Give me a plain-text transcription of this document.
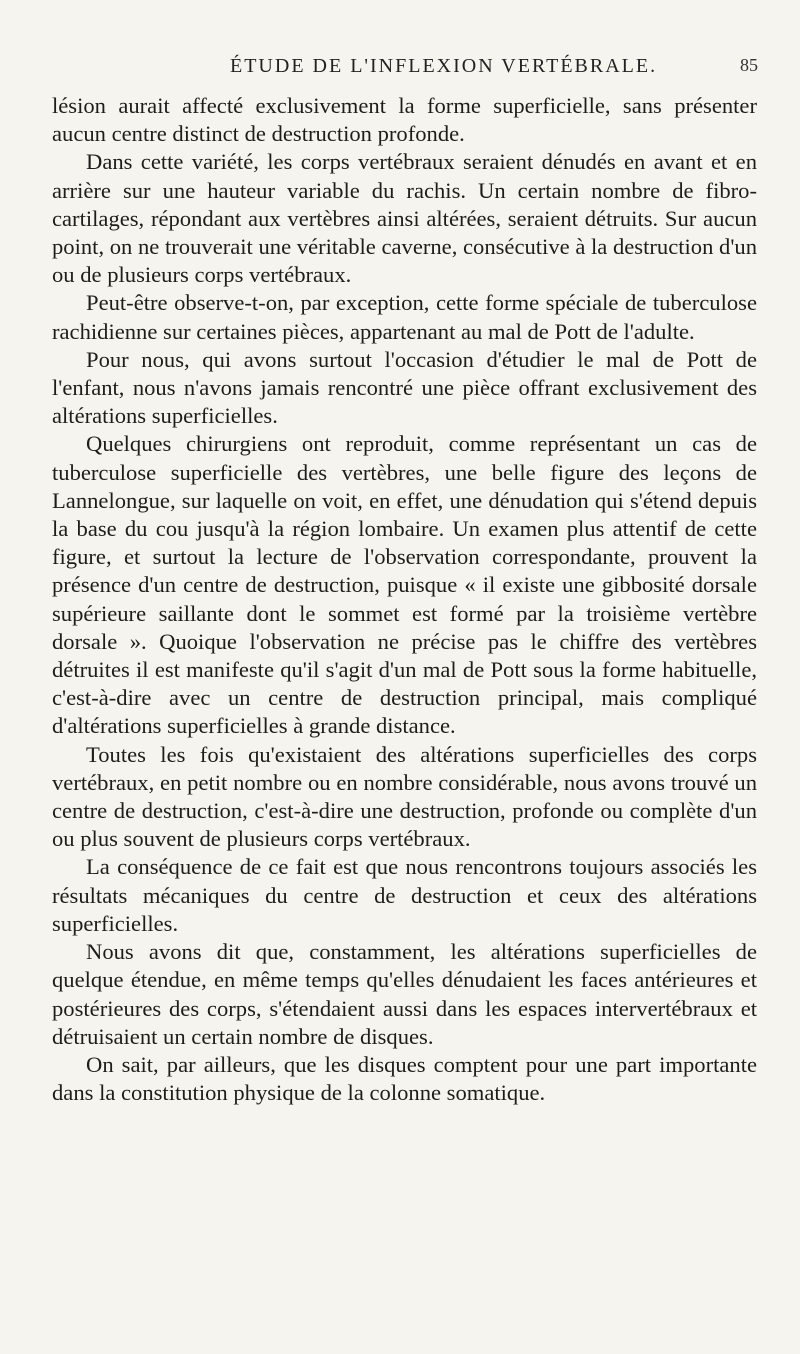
ÉTUDE DE L'INFLEXION VERTÉBRALE.	85

lésion aurait affecté exclusivement la forme superficielle, sans présenter aucun centre distinct de destruction profonde.

Dans cette variété, les corps vertébraux seraient dénudés en avant et en arrière sur une hauteur variable du rachis. Un certain nombre de fibro-cartilages, répondant aux vertèbres ainsi altérées, seraient détruits. Sur aucun point, on ne trouverait une véritable caverne, consécutive à la destruction d'un ou de plusieurs corps vertébraux.

Peut-être observe-t-on, par exception, cette forme spéciale de tuberculose rachidienne sur certaines pièces, appartenant au mal de Pott de l'adulte.

Pour nous, qui avons surtout l'occasion d'étudier le mal de Pott de l'enfant, nous n'avons jamais rencontré une pièce offrant exclusivement des altérations superficielles.

Quelques chirurgiens ont reproduit, comme représentant un cas de tuberculose superficielle des vertèbres, une belle figure des leçons de Lannelongue, sur laquelle on voit, en effet, une dénudation qui s'étend depuis la base du cou jusqu'à la région lombaire. Un examen plus attentif de cette figure, et surtout la lecture de l'observation correspondante, prouvent la présence d'un centre de destruction, puisque « il existe une gibbosité dorsale supérieure saillante dont le sommet est formé par la troisième vertèbre dorsale ». Quoique l'observation ne précise pas le chiffre des vertèbres détruites il est manifeste qu'il s'agit d'un mal de Pott sous la forme habituelle, c'est-à-dire avec un centre de destruction principal, mais compliqué d'altérations superficielles à grande distance.

Toutes les fois qu'existaient des altérations superficielles des corps vertébraux, en petit nombre ou en nombre considérable, nous avons trouvé un centre de destruction, c'est-à-dire une destruction, profonde ou complète d'un ou plus souvent de plusieurs corps vertébraux.

La conséquence de ce fait est que nous rencontrons toujours associés les résultats mécaniques du centre de destruction et ceux des altérations superficielles.

Nous avons dit que, constamment, les altérations superficielles de quelque étendue, en même temps qu'elles dénudaient les faces antérieures et postérieures des corps, s'étendaient aussi dans les espaces intervertébraux et détruisaient un certain nombre de disques.

On sait, par ailleurs, que les disques comptent pour une part importante dans la constitution physique de la colonne somatique.
